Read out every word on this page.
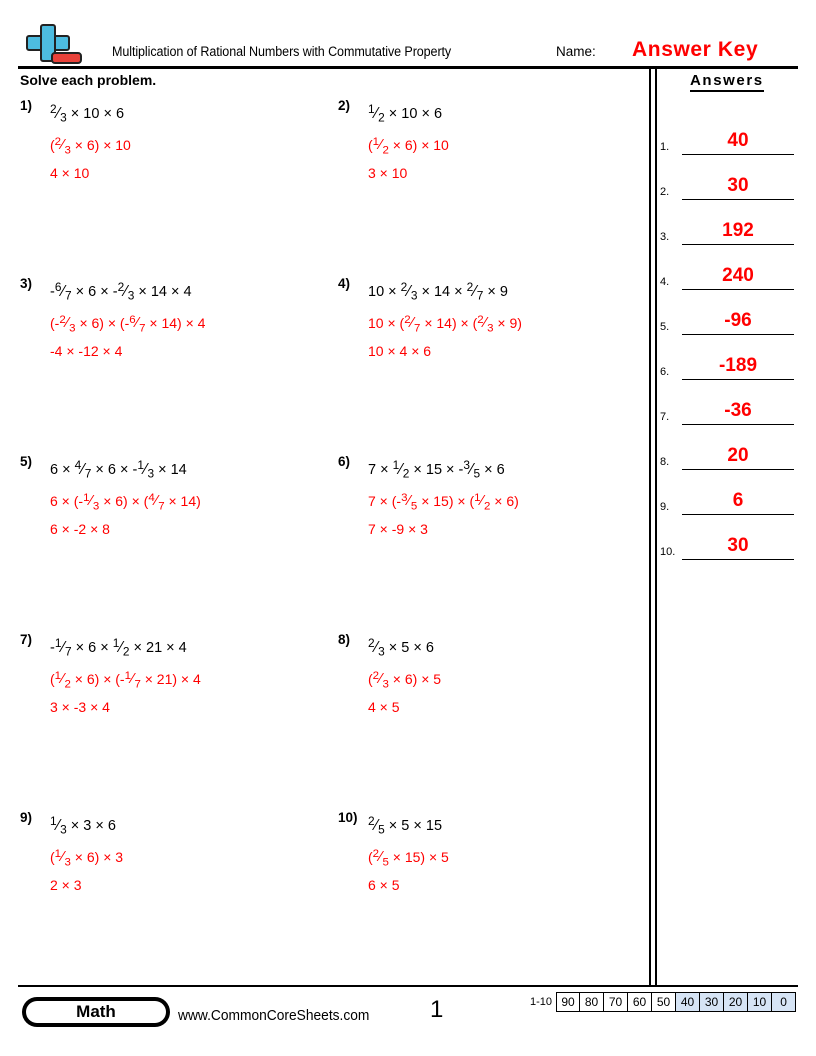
Multiplication of Rational Numbers with Commutative Property	Name: Answer Key
Solve each problem.
1) $^2⁄_3 \times 10 \times 6$
$(^2⁄_3 \times 6) \times 10$
4 × 10
2) $^1⁄_2 \times 10 \times 6$
$(^1⁄_2 \times 6) \times 10$
3 × 10
3)
$-^6⁄_7 \times 6$ × $-^2⁄_3 \times 14 \times 4$
$(-^2⁄_3 \times 6)$ × $(-^6⁄_7 \times 14) \times 4$
-4 × -12 × 4
4)
$10 \times ^2⁄_3 \times 14$ × $^2⁄_7 \times 9$
$10 \times (^2⁄_7 \times 14)$ × $(^2⁄_3 \times 9)$
10 × 4 × 6
5)
$6 \times ^4⁄_7 \times 6$ × $-^1⁄_3 \times 14$
$6 \times (-^1⁄_3 \times 6)$ × $(^4⁄_7 \times 14)$
6 × -2 × 8
6)
$7 \times ^1⁄_2 \times 15$ × $-^3⁄_5 \times 6$
$7 \times (-^3⁄_5 \times 15)$ × $(^1⁄_2 \times 6)$
7 × -9 × 3
7)
$-^1⁄_7 \times 6$ × $^1⁄_2 \times 21 \times 4$
$(^1⁄_2 \times 6)$ × $(-^1⁄_7 \times 21) \times 4$
3 × -3 × 4
8) $^2⁄_3 \times 5 \times 6$
$(^2⁄_3 \times 6) \times 5$
4 × 5
9) $^1⁄_3 \times 3 \times 6$
$(^1⁄_3 \times 6) \times 3$
2 × 3
10) $^2⁄_5 \times 5 \times 15$
$(^2⁄_5 \times 15) \times 5$
6 × 5
Answers
1.	40
2.	30
3.	192
4.	240
5.	-96
6.	-189
7.	-36
8.	20
9.	6
10.	30
Math	www.CommonCoreSheets.com	1	1-10 90 80 70 60 50 40 30 20 10	0
